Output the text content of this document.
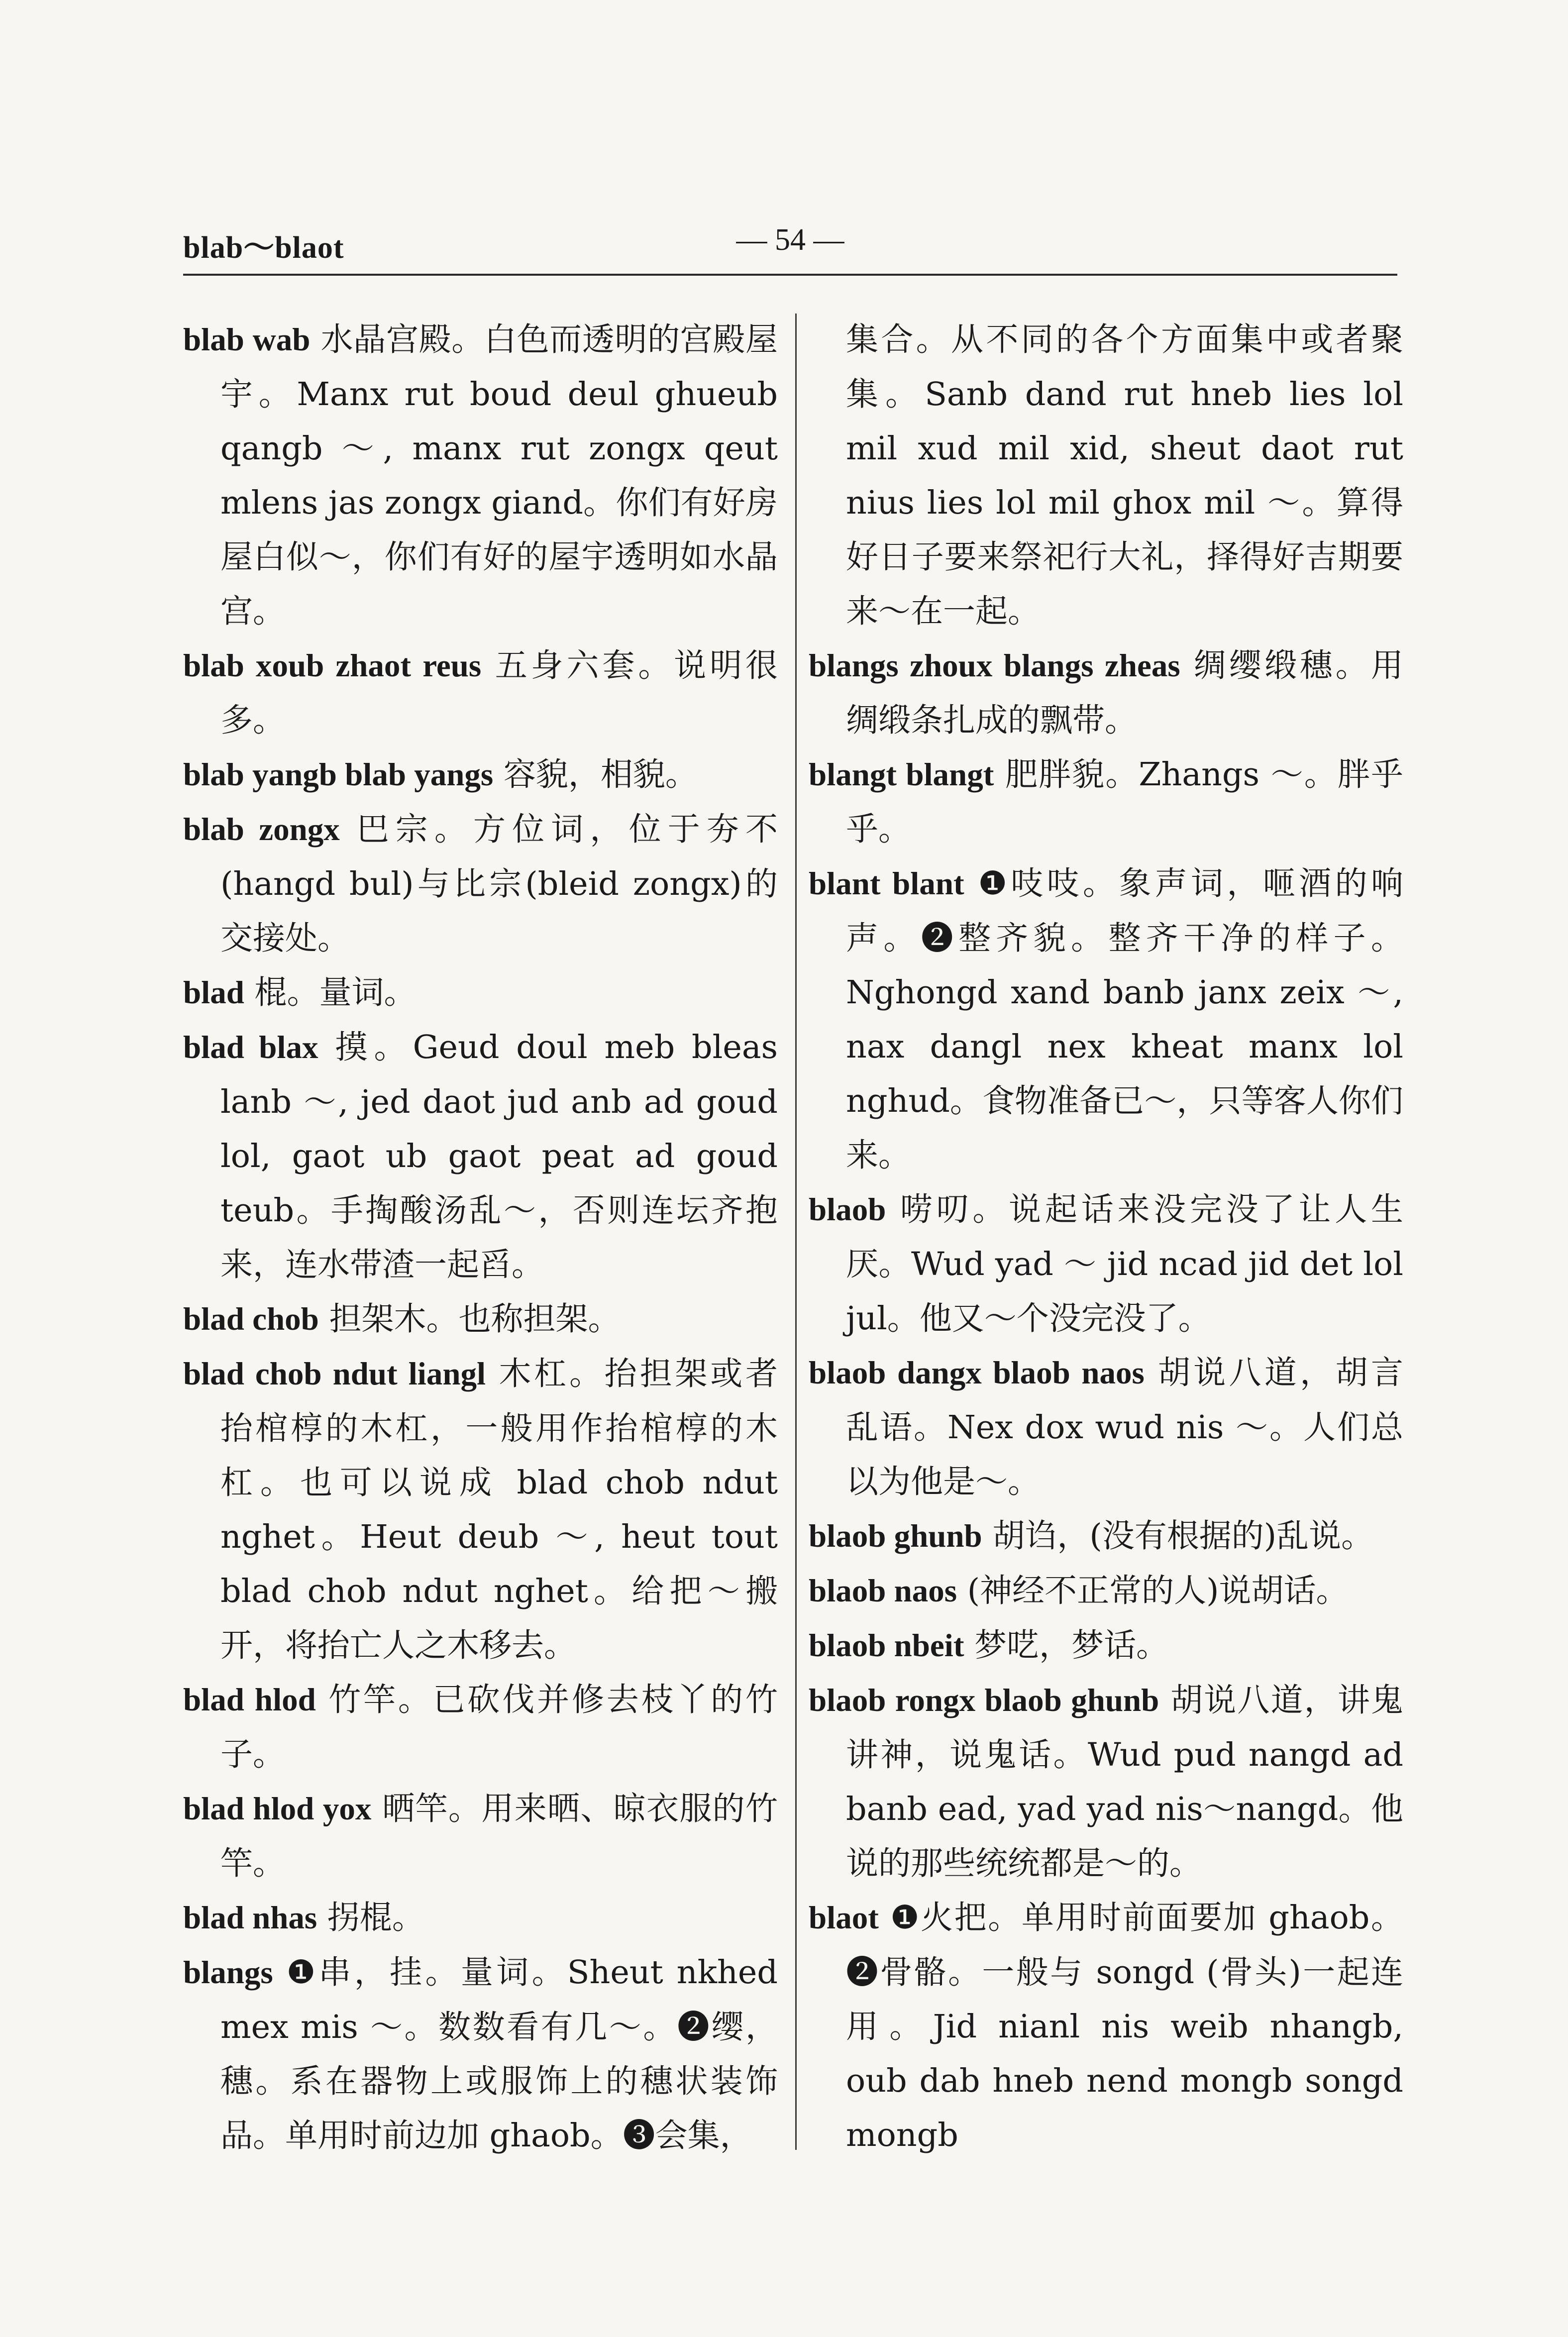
blab～blaot	— 54 —

blab wab 水晶宫殿。白色而透明的宫殿屋宇。Manx rut boud deul ghueub qangb ～, manx rut zongx qeut mlens jas zongx giand。你们有好房屋白似～，你们有好的屋宇透明如水晶宫。

blab xoub zhaot reus 五身六套。说明很多。

blab yangb blab yangs 容貌，相貌。

blab zongx 巴宗。方位词，位于夯不(hangd bul)与比宗(bleid zongx)的交接处。

blad 棍。量词。

blad blax 摸。Geud doul meb bleas lanb ～, jed daot jud anb ad goud lol, gaot ub gaot peat ad goud teub。手掏酸汤乱～，否则连坛齐抱来，连水带渣一起舀。

blad chob 担架木。也称担架。

blad chob ndut liangl 木杠。抬担架或者抬棺椁的木杠，一般用作抬棺椁的木杠。也可以说成 blad chob ndut nghet。Heut deub ～, heut tout blad chob ndut nghet。给把～搬开，将抬亡人之木移去。

blad hlod 竹竿。已砍伐并修去枝丫的竹子。

blad hlod yox 晒竿。用来晒、晾衣服的竹竿。

blad nhas 拐棍。

blangs ❶串，挂。量词。Sheut nkhed mex mis ～。数数看有几～。❷缨，穗。系在器物上或服饰上的穗状装饰品。单用时前边加 ghaob。❸会集，

集合。从不同的各个方面集中或者聚集。Sanb dand rut hneb lies lol mil xud mil xid, sheut daot rut nius lies lol mil ghox mil ～。算得好日子要来祭祀行大礼，择得好吉期要来～在一起。

blangs zhoux blangs zheas 绸缨缎穗。用绸缎条扎成的飘带。

blangt blangt 肥胖貌。Zhangs ～。胖乎乎。

blant blant ❶吱吱。象声词，咂酒的响声。❷整齐貌。整齐干净的样子。Nghongd xand banb janx zeix ～, nax dangl nex kheat manx lol nghud。食物准备已～，只等客人你们来。

blaob 唠叨。说起话来没完没了让人生厌。Wud yad ～ jid ncad jid det lol jul。他又～个没完没了。

blaob dangx blaob naos 胡说八道，胡言乱语。Nex dox wud nis ～。人们总以为他是～。

blaob ghunb 胡诌，(没有根据的)乱说。

blaob naos (神经不正常的人)说胡话。

blaob nbeit 梦呓，梦话。

blaob rongx blaob ghunb 胡说八道，讲鬼讲神，说鬼话。Wud pud nangd ad banb ead, yad yad nis～nangd。他说的那些统统都是～的。

blaot ❶火把。单用时前面要加 ghaob。❷骨骼。一般与 songd (骨头)一起连用。Jid nianl nis weib nhangb, oub dab hneb nend mongb songd mongb
